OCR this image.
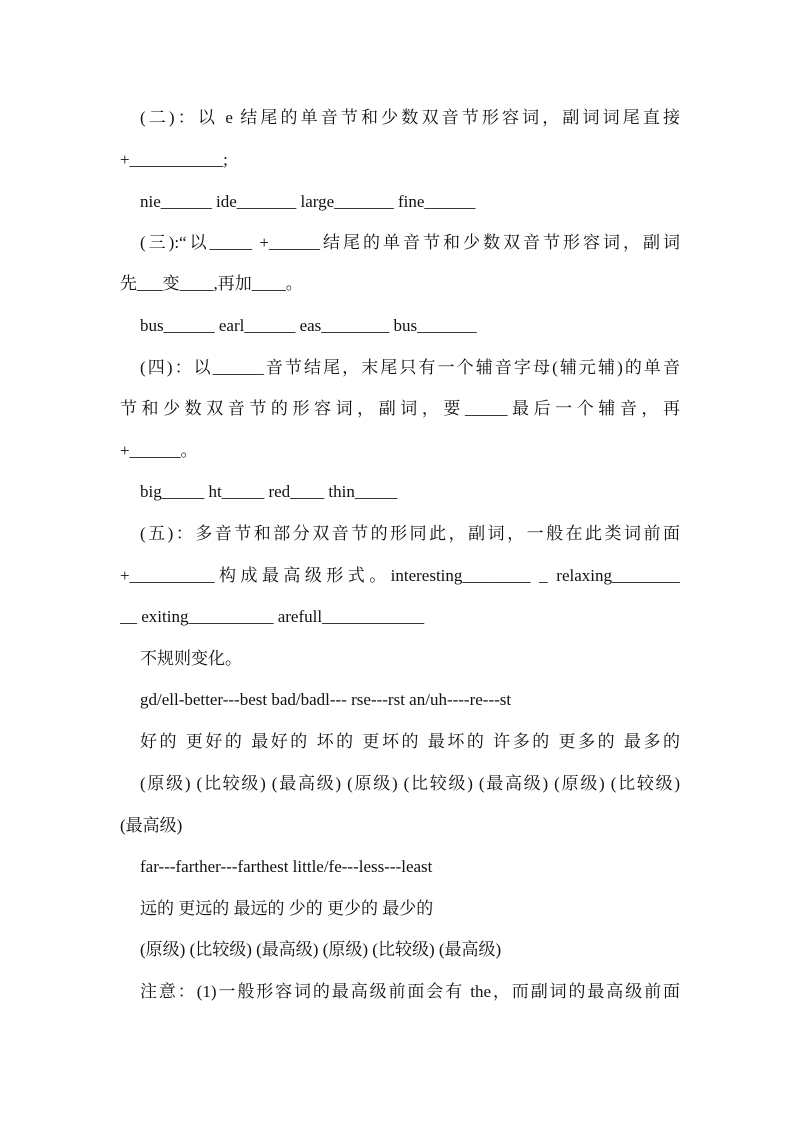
(二)：以 e 结尾的单音节和少数双音节形容词，副词词尾直接
+___________;
nie______ ide_______ large_______ fine______
(三):“以_____ +______结尾的单音节和少数双音节形容词，副词
先___变____,再加____。
bus______ earl______ eas________ bus_______
(四)：以______音节结尾，末尾只有一个辅音字母(辅元辅)的单音
节和少数双音节的形容词，副词，要_____最后一个辅音，再
+______。
big_____ ht_____ red____ thin_____
(五)：多音节和部分双音节的形同此，副词，一般在此类词前面
+__________构成最高级形式。interesting________ _ relaxing________
__ exiting__________ arefull____________
不规则变化。
gd/ell-better---best bad/badl--- rse---rst an/uh----re---st
好的 更好的 最好的 坏的 更坏的 最坏的 许多的 更多的 最多的
(原级) (比较级) (最高级) (原级) (比较级) (最高级) (原级) (比较级)
(最高级)
far---farther---farthest little/fe---less---least
远的 更远的 最远的 少的 更少的 最少的
(原级) (比较级) (最高级) (原级) (比较级) (最高级)
注意：(1)一般形容词的最高级前面会有 the，而副词的最高级前面
